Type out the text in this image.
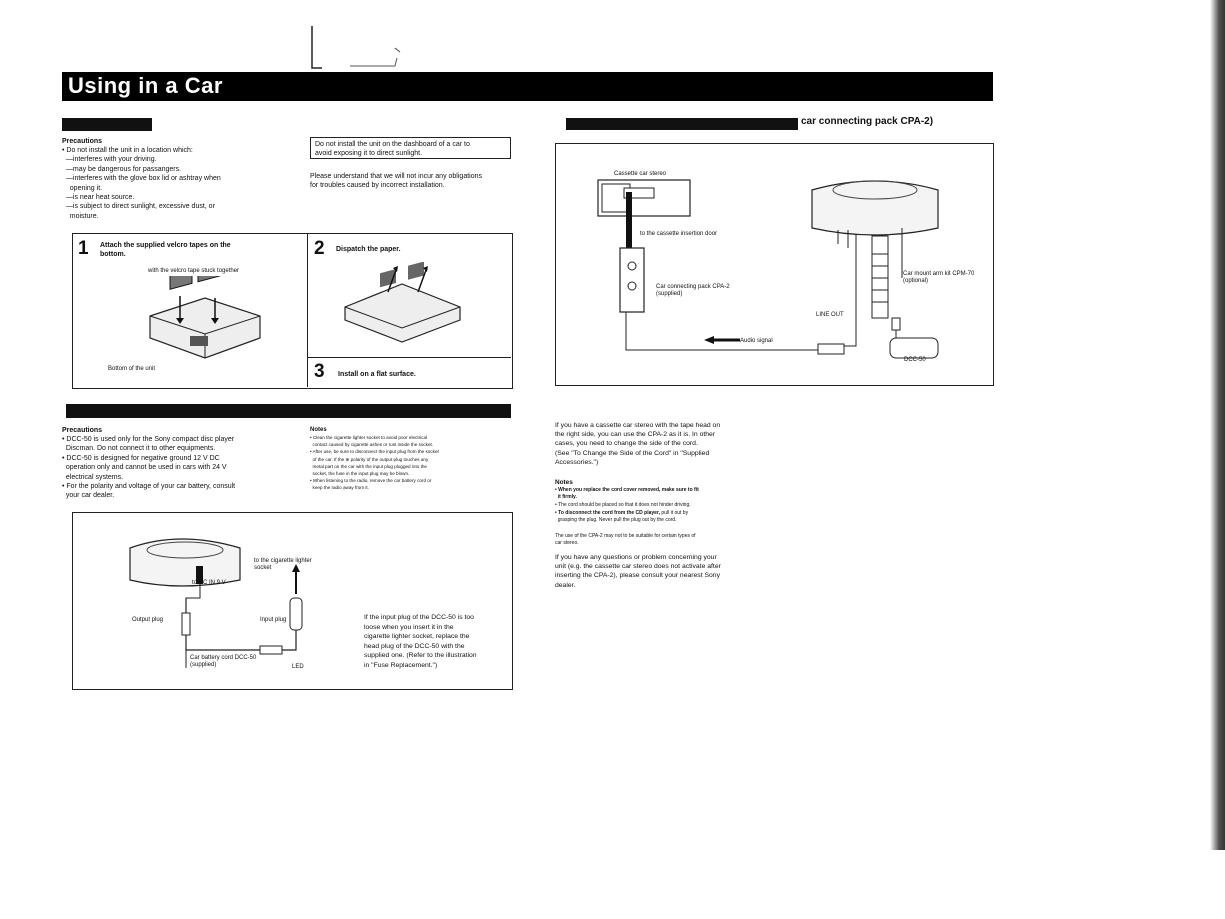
Using in a Car
Precautions
• Do not install the unit in a location which:
—interferes with your driving.
—may be dangerous for passangers.
—interferes with the glove box lid or ashtray when
opening it.
—is near heat source.
—is subject to direct sunlight, excessive dust, or
moisture.
Do not install the unit on the dashboard of a car to
avoid exposing it to direct sunlight.
Please understand that we will not incur any obligations
for troubles caused by incorrect installation.
1 Attach the supplied velcro tapes on the
bottom.
with the velcro tape stuck together
Bottom of the unit
2 Dispatch the paper.
3 Install on a flat surface.
Precautions
• DCC-50 is used only for the Sony compact disc player
Discman. Do not connect it to other equipments.
• DCC-50 is designed for negative ground 12 V DC
operation only and cannot be used in cars with 24 V
electrical systems.
• For the polarity and voltage of your car battery, consult
your car dealer.
Notes
• Clean the cigarette lighter socket to avoid poor electrical
contact caused by cigarette ashes or rust inside the socket.
• After use, be sure to disconnect the input plug from the socket
of the car. If the ⊕ polarity of the output plug touches any
metal part on the car with the input plug plugged into the
socket, the fuse in the input plug may be blown.
• When listening to the radio, remove the car battery cord or
keep the radio away from it.
to DC IN 9 V
to the cigarette lighter
socket
Output plug	Input plug
Car battery cord DCC-50
(supplied)	LED
If the input plug of the DCC-50 is too
loose when you insert it in the
cigarette lighter socket, replace the
head plug of the DCC-50 with the
supplied one. (Refer to the illustration
in "Fuse Replacement.")
car connecting pack CPA-2)
Cassette car stereo
to the cassette insertion door
Car connecting pack CPA-2
(supplied)
Audio signal
LINE OUT
Car mount arm kit CPM-70
(optional)
DCC-50
If you have a cassette car stereo with the tape head on
the right side, you can use the CPA-2 as it is. In other
cases, you need to change the side of the cord.
(See "To Change the Side of the Cord" in "Supplied
Accessories.")
Notes
• When you replace the cord cover removed, make sure to fit
it firmly.
• The cord should be placed so that it does not hinder driving.
• To disconnect the cord from the CD player, pull it out by
grasping the plug. Never pull the plug out by the cord.
The use of the CPA-2 may not to be suitable for certain types of
car stereo.
If you have any questions or problem concerning your
unit (e.g. the cassette car stereo does not activate after
inserting the CPA-2), please consult your nearest Sony
dealer.
